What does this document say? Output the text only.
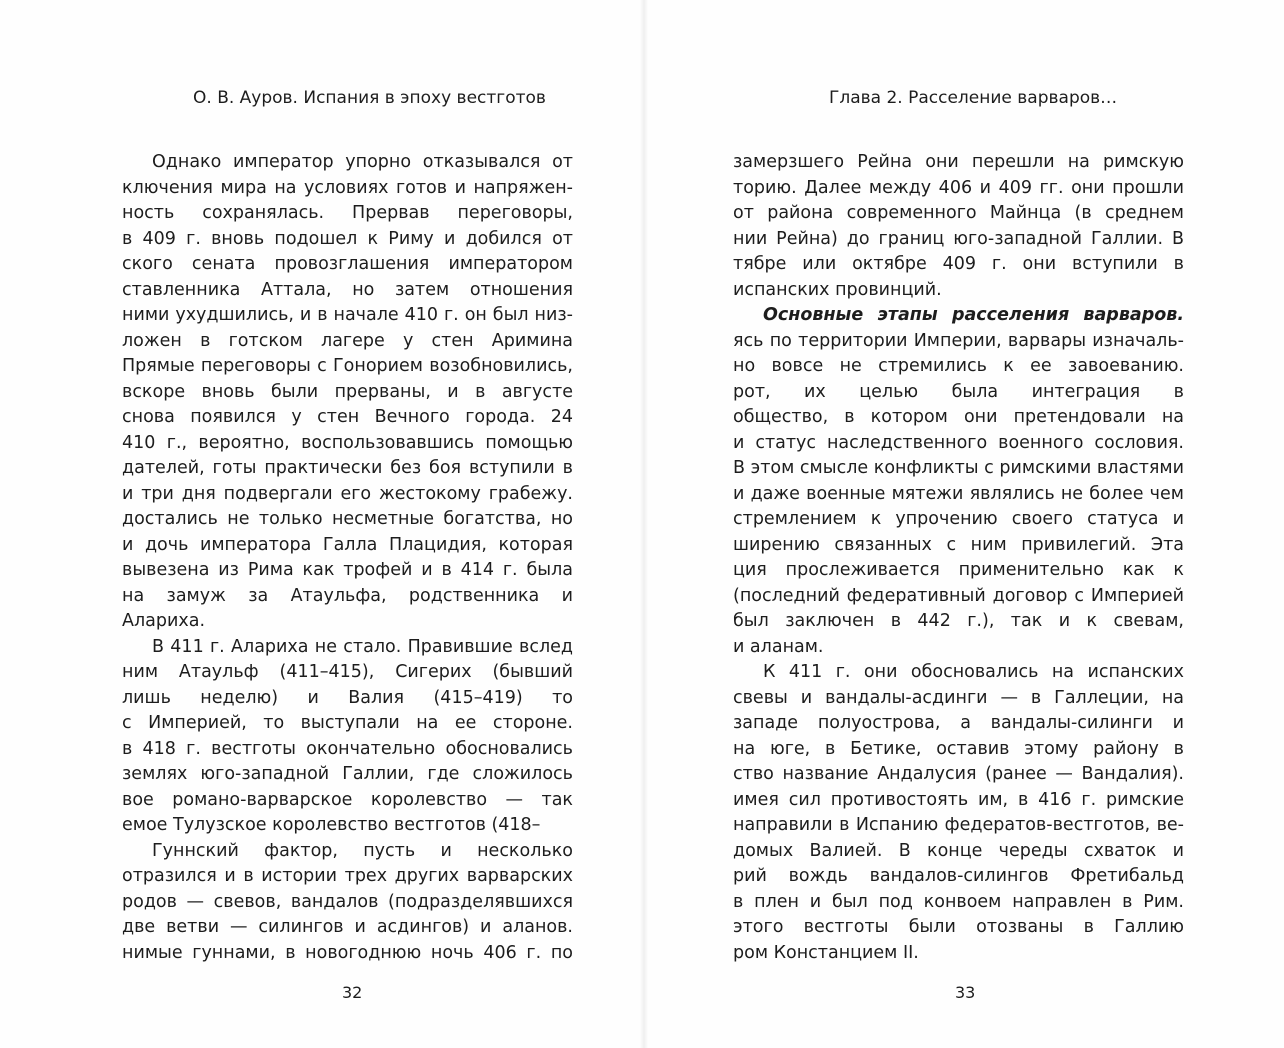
О. В. Ауров. Испания в эпоху вестготов
Однако император упорно отказывался от
ключения мира на условиях готов и напряжен-
ность сохранялась. Прервав переговоры,
в 409 г. вновь подошел к Риму и добился от
ского сената провозглашения императором
ставленника Аттала, но затем отношения
ними ухудшились, и в начале 410 г. он был низ-
ложен в готском лагере у стен Аримина
Прямые переговоры с Гонорием возобновились,
вскоре вновь были прерваны, и в августе
снова появился у стен Вечного города. 24
410 г., вероятно, воспользовавшись помощью
дателей, готы практически без боя вступили в
и три дня подвергали его жестокому грабежу.
достались не только несметные богатства, но
и дочь императора Галла Плацидия, которая
вывезена из Рима как трофей и в 414 г. была
на замуж за Атаульфа, родственника и
Алариха.
В 411 г. Алариха не стало. Правившие вслед
ним Атаульф (411–415), Сигерих (бывший
лишь неделю) и Валия (415–419) то
с Империей, то выступали на ее стороне.
в 418 г. вестготы окончательно обосновались
землях юго-западной Галлии, где сложилось
вое романо-варварское королевство — так
емое Тулузское королевство вестготов (418–
Гуннский фактор, пусть и несколько
отразился и в истории трех других варварских
родов — свевов, вандалов (подразделявшихся
две ветви — силингов и асдингов) и аланов.
нимые гуннами, в новогоднюю ночь 406 г. по
32
Глава 2. Расселение варваров…
замерзшего Рейна они перешли на римскую
торию. Далее между 406 и 409 гг. они прошли
от района современного Майнца (в среднем
нии Рейна) до границ юго-западной Галлии. В
тябре или октябре 409 г. они вступили в
испанских провинций.
Основные этапы расселения варваров.
ясь по территории Империи, варвары изначаль-
но вовсе не стремились к ее завоеванию.
рот, их целью была интеграция в
общество, в котором они претендовали на
и статус наследственного военного сословия.
В этом смысле конфликты с римскими властями
и даже военные мятежи являлись не более чем
стремлением к упрочению своего статуса и
ширению связанных с ним привилегий. Эта
ция прослеживается применительно как к
(последний федеративный договор с Империей
был заключен в 442 г.), так и к свевам,
и аланам.
К 411 г. они обосновались на испанских
свевы и вандалы-асдинги — в Галлеции, на
западе полуострова, а вандалы-силинги и
на юге, в Бетике, оставив этому району в
ство название Андалусия (ранее — Вандалия).
имея сил противостоять им, в 416 г. римские
направили в Испанию федератов-вестготов, ве-
домых Валией. В конце череды схваток и
рий вождь вандалов-силингов Фретибальд
в плен и был под конвоем направлен в Рим.
этого вестготы были отозваны в Галлию
ром Констанцием II.
33
